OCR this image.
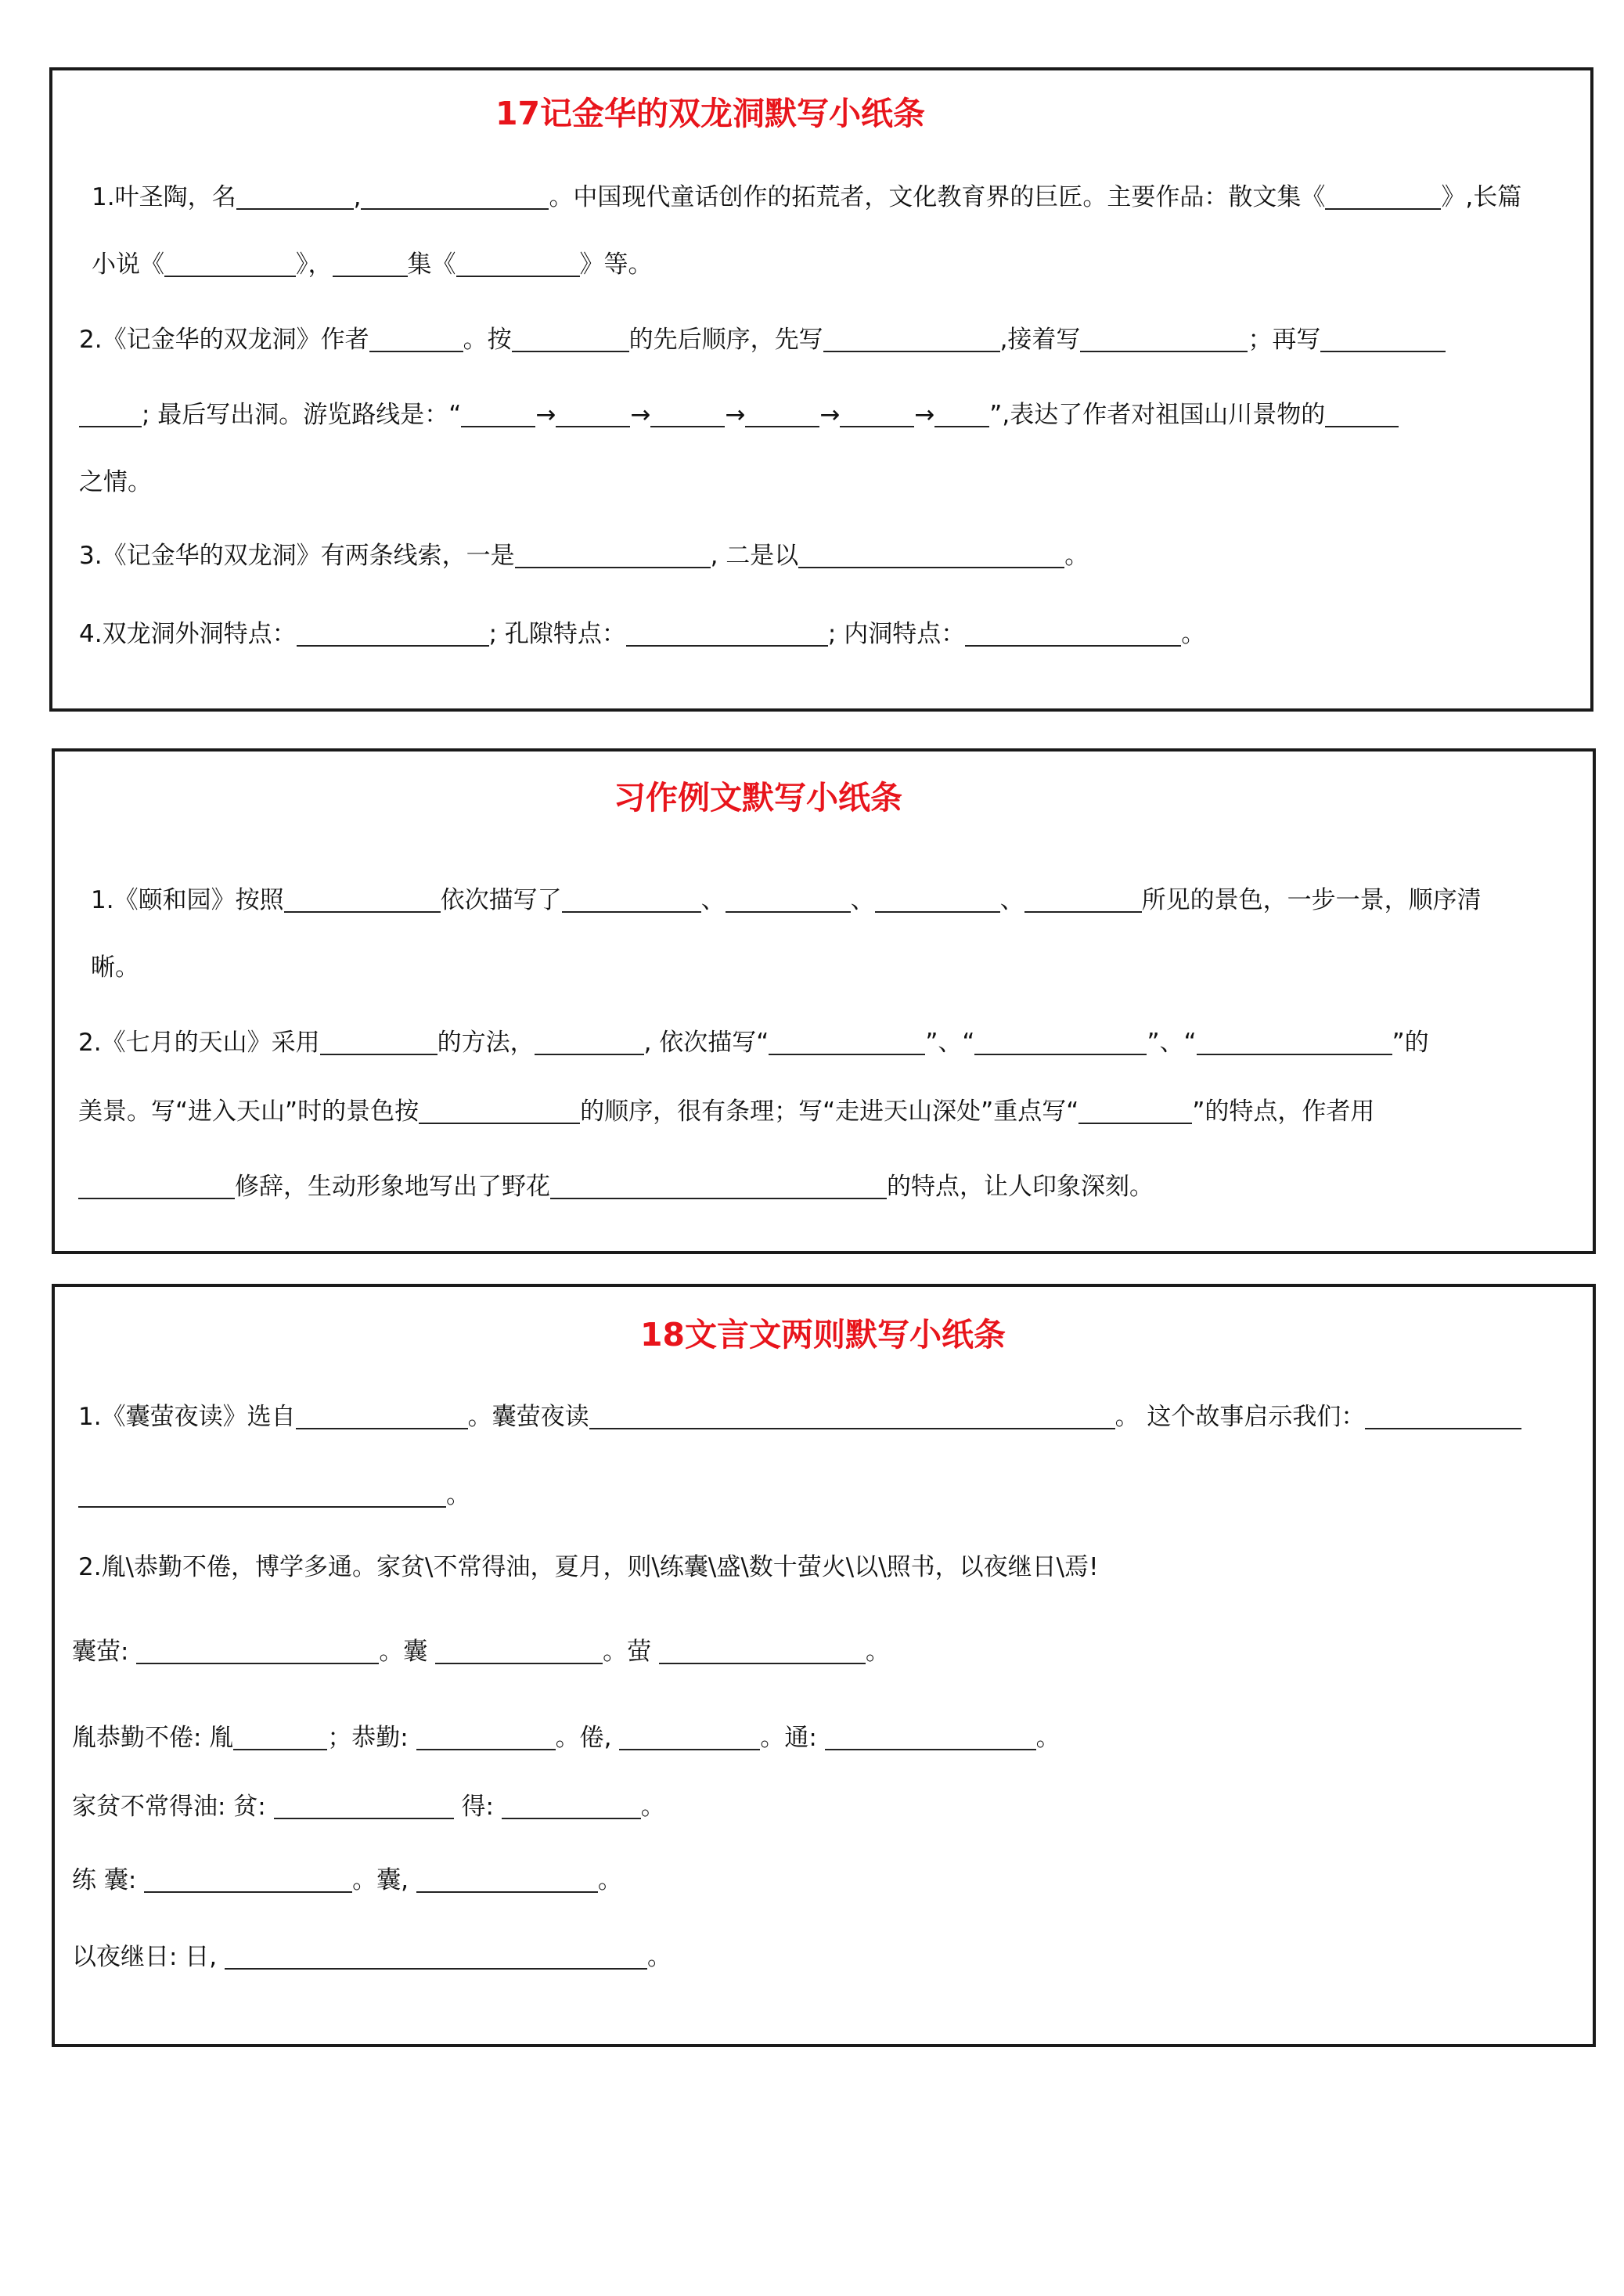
17记金华的双龙洞默写小纸条

1.叶圣陶，名	,	。中国现代童话创作的拓荒者，文化教育界的巨匠。主要作品：散文集《	》,长篇

小说《	》，	集《	》等。

2.《记金华的双龙洞》作者	。按	的先后顺序，先写	,接着写	；再写

; 最后写出洞。游览路线是：“	→	→	→	→	→ ”,表达了作者对祖国山川景物的

之情。

3.《记金华的双龙洞》有两条线索，一是	, 二是以	。

4.双龙洞外洞特点：	; 孔隙特点：	; 内洞特点：	。

习作例文默写小纸条

1.《颐和园》按照	依次描写了	、	、	、	所见的景色，一步一景，顺序清

晰。

2.《七月的天山》采用	的方法，	, 依次描写“	”、“	”、“	”的

美景。写“进入天山”时的景色按	的顺序，很有条理；写“走进天山深处”重点写“	”的特点，作者用

修辞，生动形象地写出了野花	的特点，让人印象深刻。

18文言文两则默写小纸条

1.《囊萤夜读》选自	。囊萤夜读	。 这个故事启示我们：

。

2.胤\恭勤不倦，博学多通。家贫\不常得油，夏月，则\练囊\盛\数十萤火\以\照书，以夜继日\焉!

囊萤:	。囊	。萤	。

胤恭勤不倦: 胤	；恭勤:	。倦,	。通:	。

家贫不常得油: 贫:	得:	。

练 囊:	。囊,	。

以夜继日: 日,	。
